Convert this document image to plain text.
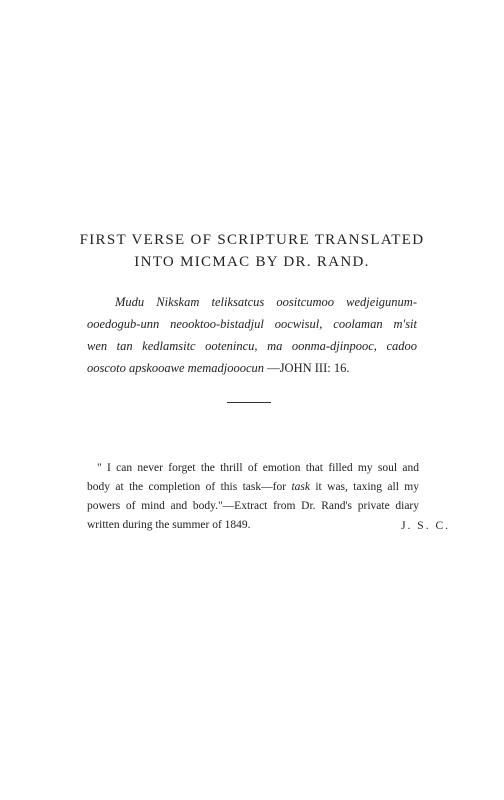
FIRST VERSE OF SCRIPTURE TRANSLATED
INTO MICMAC BY DR. RAND.
Mudu Nikskam teliksatcus oositcumoo wedjeigunum-
ooedogub-unn neooktoo-bistadjul oocwisul, coolaman m'sit
wen tan kedlamsitc ootenincu, ma oonma-djinpooc, cadoo
ooscoto apskooawe memadjooocun —JOHN III: 16.
" I can never forget the thrill of emotion that filled my soul and
body at the completion of this task—for task it was, taxing all my
powers of mind and body."—Extract from Dr. Rand's private diary
written during the summer of 1849.	J. S. C.
